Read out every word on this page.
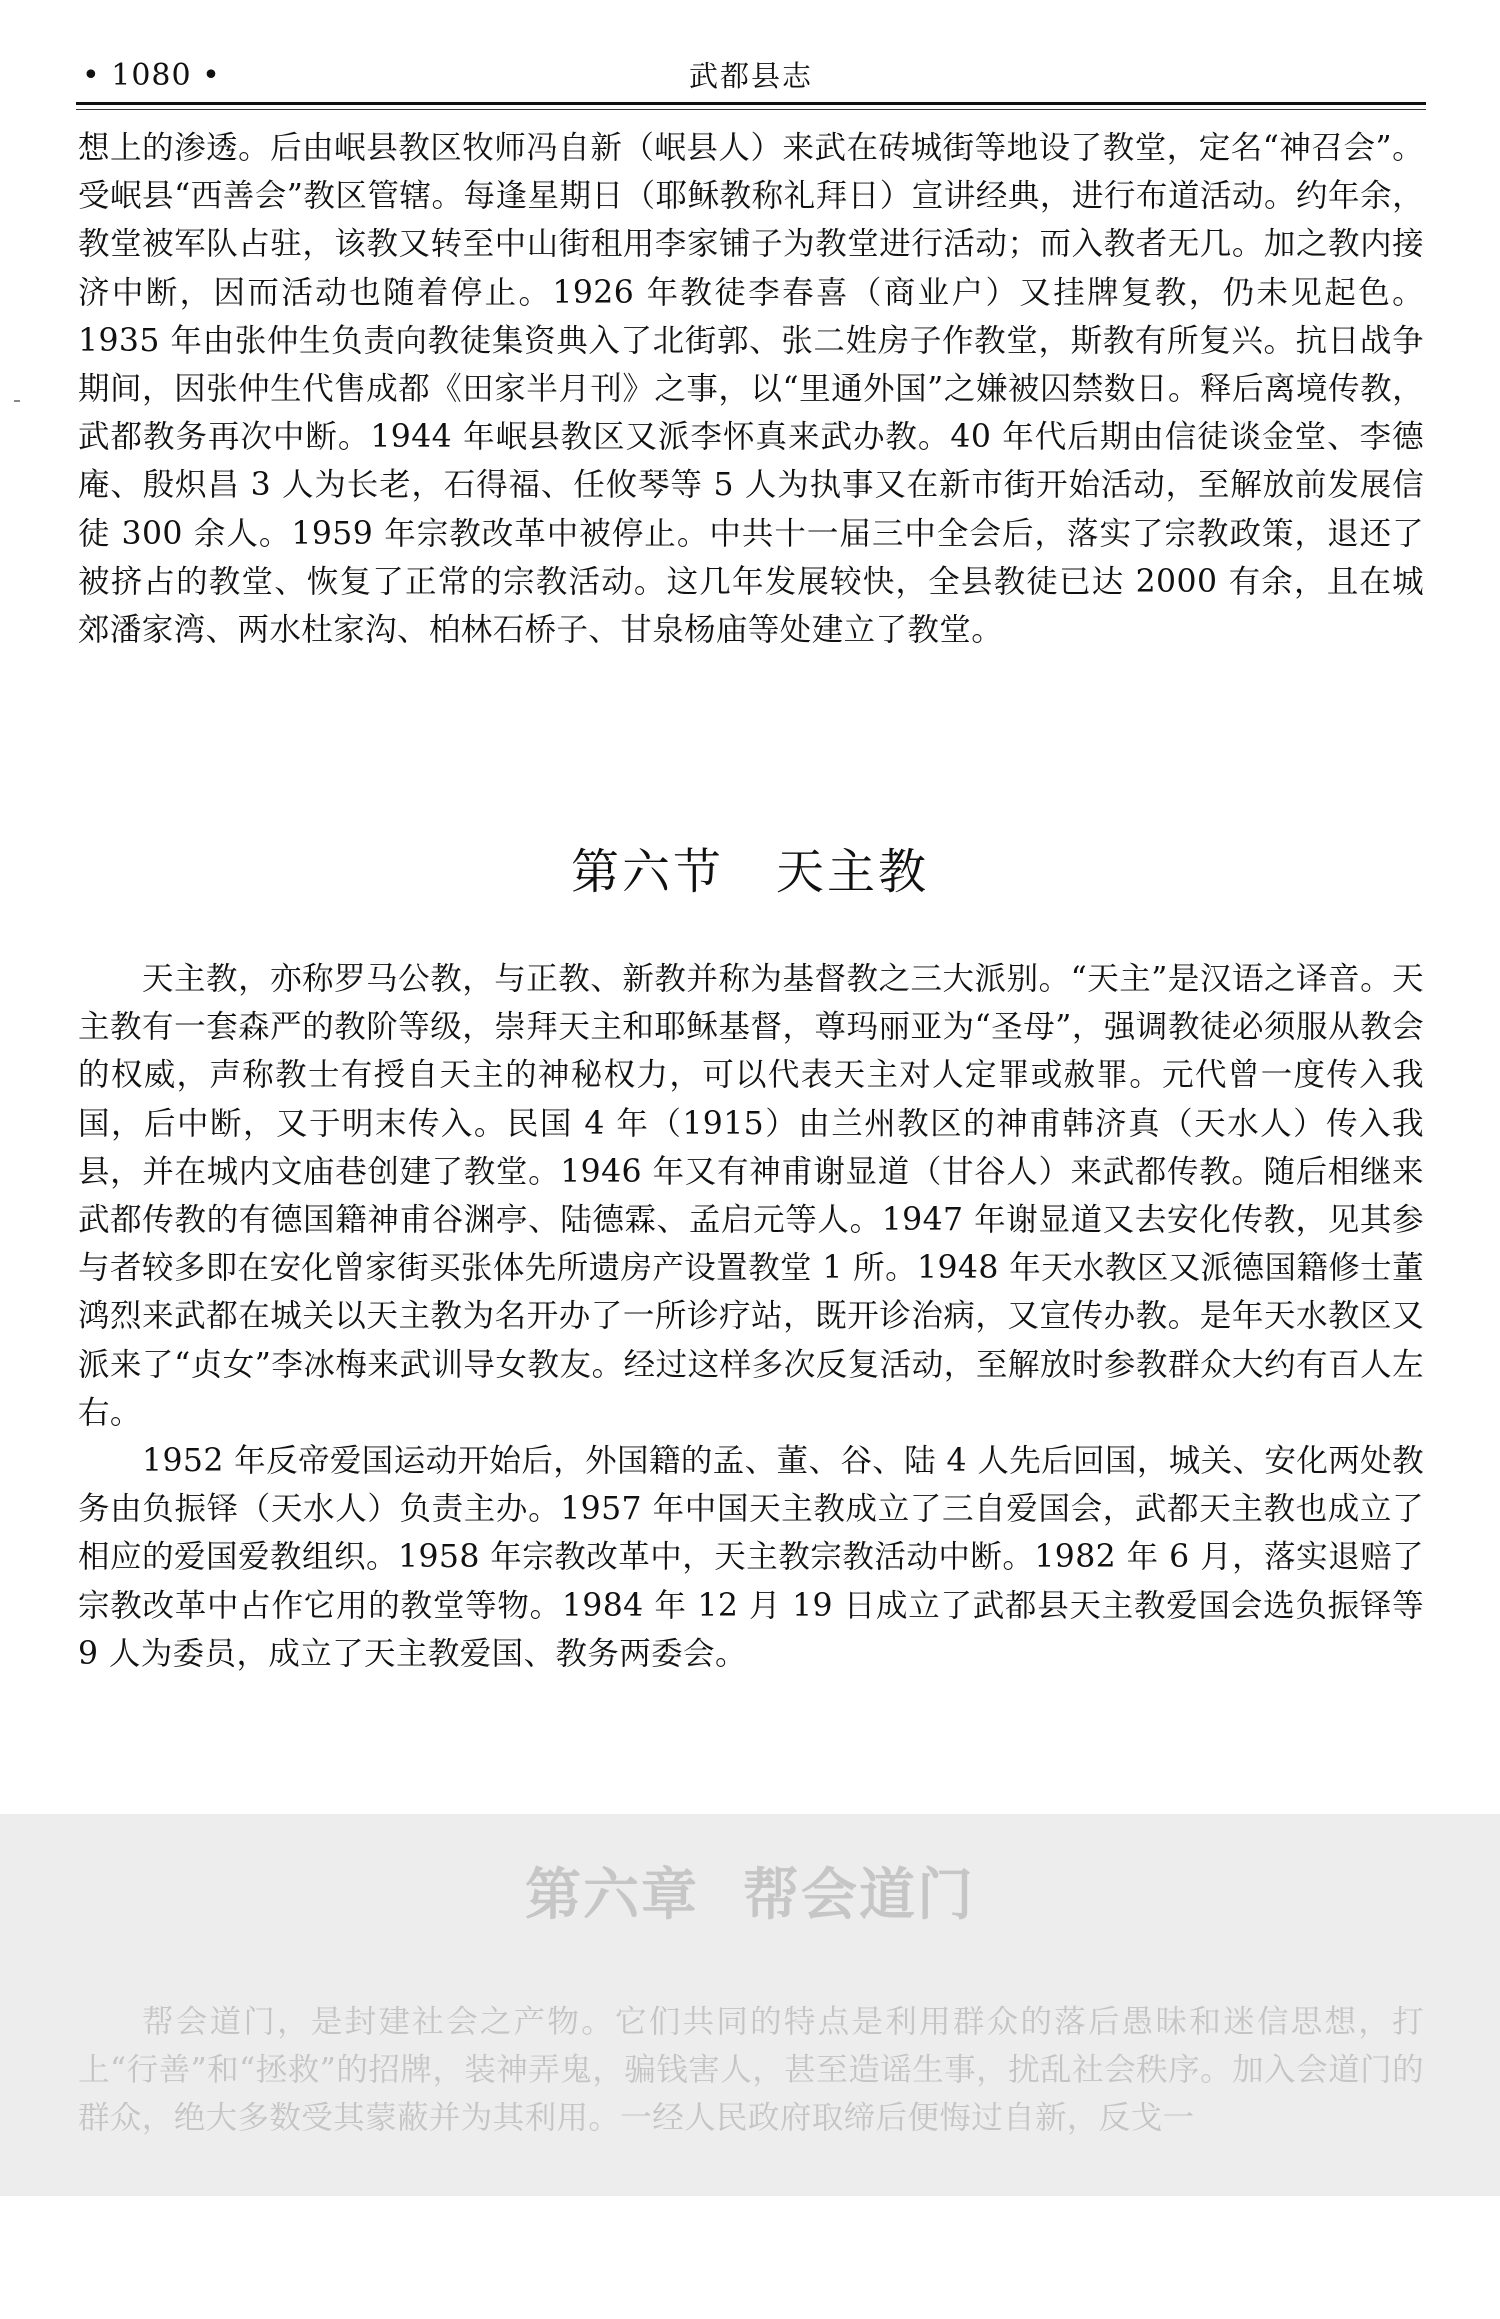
• 1080 •	武都县志

想上的渗透。后由岷县教区牧师冯自新（岷县人）来武在砖城街等地设了教堂，定名“神召会”。受岷县“西善会”教区管辖。每逢星期日（耶稣教称礼拜日）宣讲经典，进行布道活动。约年余，教堂被军队占驻，该教又转至中山街租用李家铺子为教堂进行活动；而入教者无几。加之教内接济中断，因而活动也随着停止。1926 年教徒李春喜（商业户）又挂牌复教，仍未见起色。1935 年由张仲生负责向教徒集资典入了北街郭、张二姓房子作教堂，斯教有所复兴。抗日战争期间，因张仲生代售成都《田家半月刊》之事，以“里通外国”之嫌被囚禁数日。释后离境传教，武都教务再次中断。1944 年岷县教区又派李怀真来武办教。40 年代后期由信徒谈金堂、李德庵、殷炽昌 3 人为长老，石得福、任攸琴等 5 人为执事又在新市街开始活动，至解放前发展信徒 300 余人。1959 年宗教改革中被停止。中共十一届三中全会后，落实了宗教政策，退还了被挤占的教堂、恢复了正常的宗教活动。这几年发展较快，全县教徒已达 2000 有余，且在城郊潘家湾、两水杜家沟、柏林石桥子、甘泉杨庙等处建立了教堂。

第六节 天主教

天主教，亦称罗马公教，与正教、新教并称为基督教之三大派别。“天主”是汉语之译音。天主教有一套森严的教阶等级，崇拜天主和耶稣基督，尊玛丽亚为“圣母”，强调教徒必须服从教会的权威，声称教士有授自天主的神秘权力，可以代表天主对人定罪或赦罪。元代曾一度传入我国，后中断，又于明末传入。民国 4 年（1915）由兰州教区的神甫韩济真（天水人）传入我县，并在城内文庙巷创建了教堂。1946 年又有神甫谢显道（甘谷人）来武都传教。随后相继来武都传教的有德国籍神甫谷渊亭、陆德霖、孟启元等人。1947 年谢显道又去安化传教，见其参与者较多即在安化曾家街买张体先所遗房产设置教堂 1 所。1948 年天水教区又派德国籍修士董鸿烈来武都在城关以天主教为名开办了一所诊疗站，既开诊治病，又宣传办教。是年天水教区又派来了“贞女”李冰梅来武训导女教友。经过这样多次反复活动，至解放时参教群众大约有百人左右。

1952 年反帝爱国运动开始后，外国籍的孟、董、谷、陆 4 人先后回国，城关、安化两处教务由负振铎（天水人）负责主办。1957 年中国天主教成立了三自爱国会，武都天主教也成立了相应的爱国爱教组织。1958 年宗教改革中，天主教宗教活动中断。1982 年 6 月，落实退赔了宗教改革中占作它用的教堂等物。1984 年 12 月 19 日成立了武都县天主教爱国会选负振铎等 9 人为委员，成立了天主教爱国、教务两委会。

第六章 帮会道门

帮会道门，是封建社会之产物。它们共同的特点是利用群众的落后愚昧和迷信思想，打上“行善”和“拯救”的招牌，装神弄鬼，骗钱害人，甚至造谣生事，扰乱社会秩序。加入会道门的群众，绝大多数受其蒙蔽并为其利用。一经人民政府取缔后便悔过自新，反戈一
